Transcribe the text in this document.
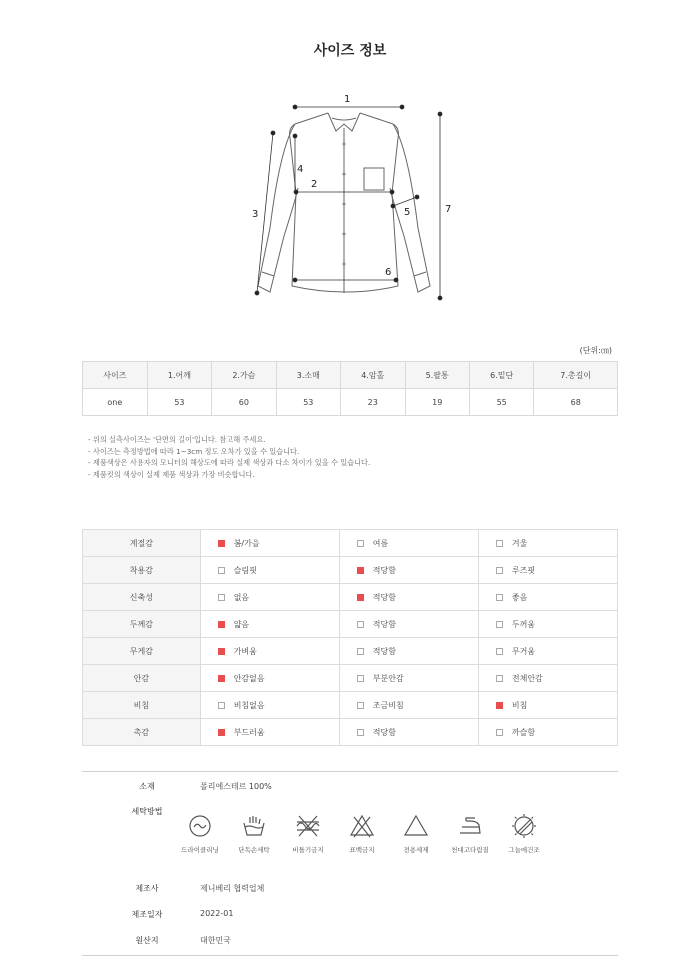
사이즈 정보
1
2
3
4
5
6
7
(단위:㎝)
사이즈	1.어깨	2.가슴	3.소매	4.암홀	5.팔통	6.밑단	7.총길이
one	53	60	53	23	19	55	68
- 위의 실측사이즈는 '단면의 길이'입니다. 참고해 주세요.
- 사이즈는 측정방법에 따라 1~3cm 정도 오차가 있을 수 있습니다.
- 제품색상은 사용자의 모니터의 해상도에 따라 실제 색상과 다소 차이가 있을 수 있습니다.
- 제품컷의 색상이 실제 제품 색상과 가장 비슷합니다.
계절감	봄/가을	여름	겨울
착용감	슬림핏	적당함	루즈핏
신축성	없음	적당함	좋음
두께감	얇음	적당함	두꺼움
무게감	가벼움	적당함	무거움
안감	안감없음	부분안감	전체안감
비침	비침없음	조금비침	비침
촉감	부드러움	적당함	까슬함
소재	폴리에스테르 100%
세탁방법
드라이클리닝	단독손세탁	비틀기금지	표백금지	전용세제	천대고다림질	그늘에건조
제조사	제니베리 협력업체
제조일자	2022-01
원산지	대한민국
